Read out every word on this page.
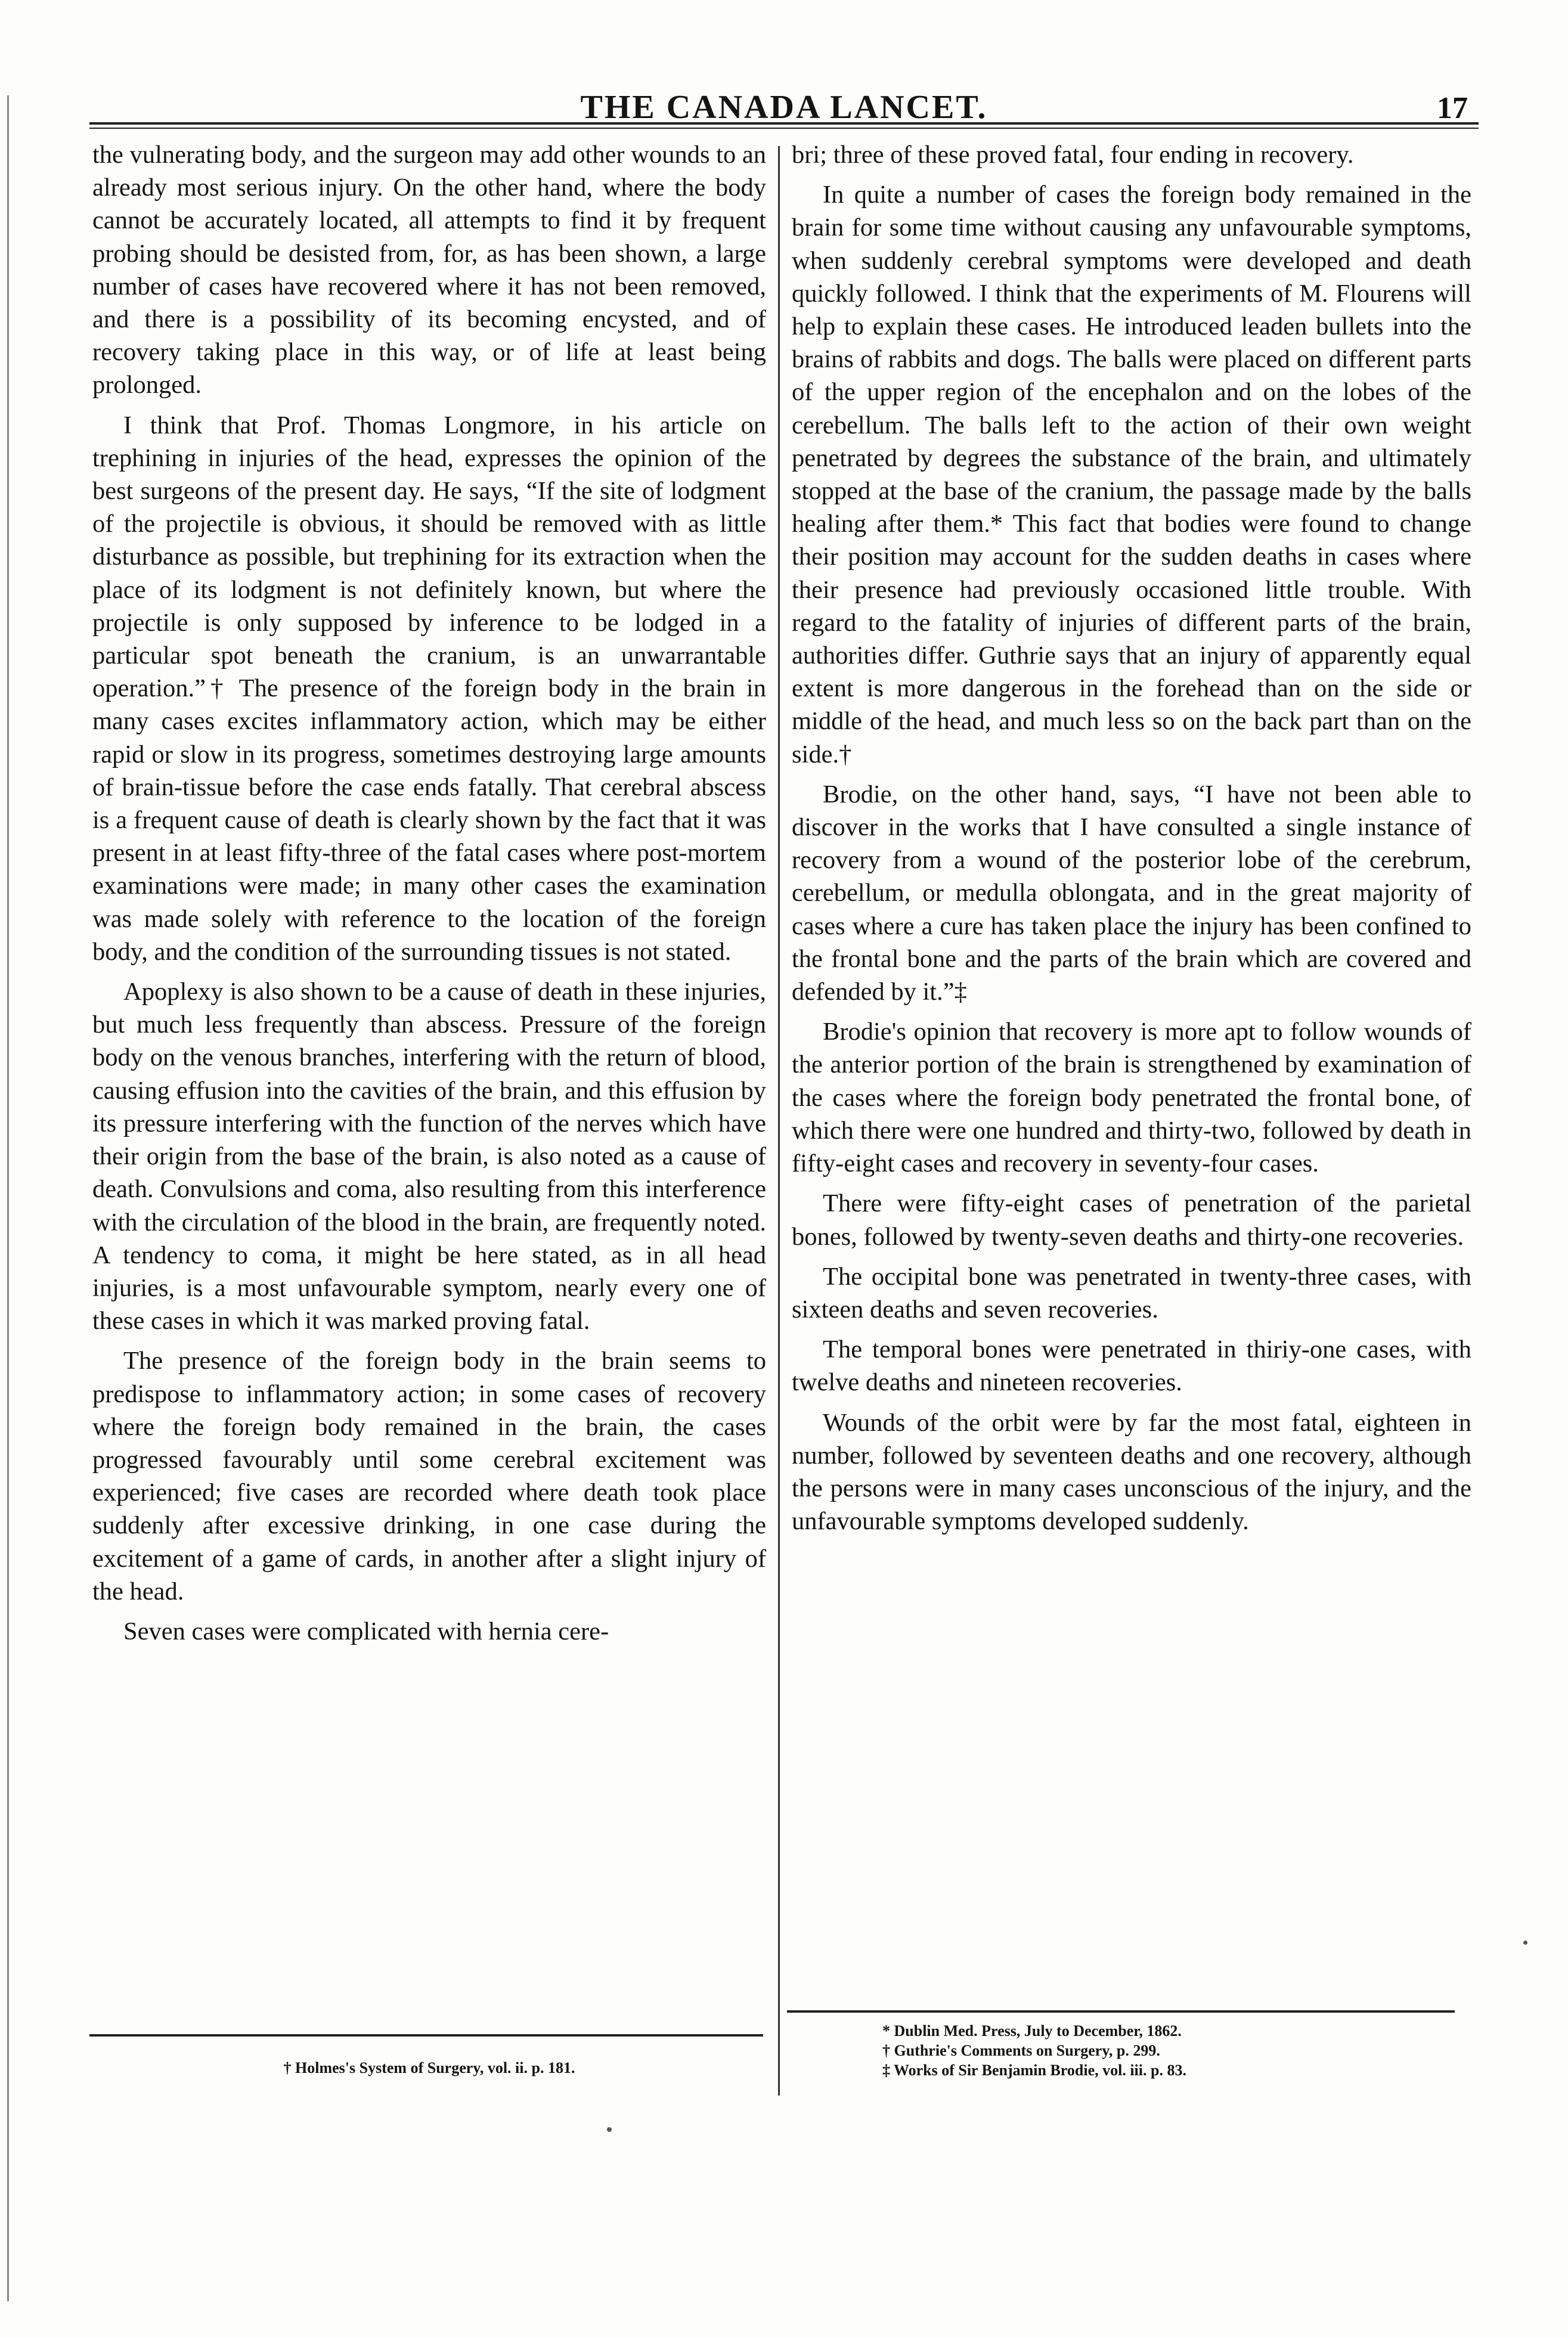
THE CANADA LANCET.	17

the vulnerating body, and the surgeon may add other wounds to an already most serious injury. On the other hand, where the body cannot be accurately located, all attempts to find it by frequent probing should be desisted from, for, as has been shown, a large number of cases have recovered where it has not been removed, and there is a possibility of its becoming encysted, and of recovery taking place in this way, or of life at least being prolonged.

I think that Prof. Thomas Longmore, in his article on trephining in injuries of the head, expresses the opinion of the best surgeons of the present day. He says, “If the site of lodgment of the projectile is obvious, it should be removed with as little disturbance as possible, but trephining for its extraction when the place of its lodgment is not definitely known, but where the projectile is only supposed by inference to be lodged in a particular spot beneath the cranium, is an unwarrantable operation.”† The presence of the foreign body in the brain in many cases excites inflammatory action, which may be either rapid or slow in its progress, sometimes destroying large amounts of brain-tissue before the case ends fatally. That cerebral abscess is a frequent cause of death is clearly shown by the fact that it was present in at least fifty-three of the fatal cases where post-mortem examinations were made; in many other cases the examination was made solely with reference to the location of the foreign body, and the condition of the surrounding tissues is not stated.

Apoplexy is also shown to be a cause of death in these injuries, but much less frequently than abscess. Pressure of the foreign body on the venous branches, interfering with the return of blood, causing effusion into the cavities of the brain, and this effusion by its pressure interfering with the function of the nerves which have their origin from the base of the brain, is also noted as a cause of death. Convulsions and coma, also resulting from this interference with the circulation of the blood in the brain, are frequently noted. A tendency to coma, it might be here stated, as in all head injuries, is a most unfavourable symptom, nearly every one of these cases in which it was marked proving fatal.

The presence of the foreign body in the brain seems to predispose to inflammatory action; in some cases of recovery where the foreign body remained in the brain, the cases progressed favourably until some cerebral excitement was experienced; five cases are recorded where death took place suddenly after excessive drinking, in one case during the excitement of a game of cards, in another after a slight injury of the head.

Seven cases were complicated with hernia cere-

bri; three of these proved fatal, four ending in recovery.

In quite a number of cases the foreign body remained in the brain for some time without causing any unfavourable symptoms, when suddenly cerebral symptoms were developed and death quickly followed. I think that the experiments of M. Flourens will help to explain these cases. He introduced leaden bullets into the brains of rabbits and dogs. The balls were placed on different parts of the upper region of the encephalon and on the lobes of the cerebellum. The balls left to the action of their own weight penetrated by degrees the substance of the brain, and ultimately stopped at the base of the cranium, the passage made by the balls healing after them.* This fact that bodies were found to change their position may account for the sudden deaths in cases where their presence had previously occasioned little trouble. With regard to the fatality of injuries of different parts of the brain, authorities differ. Guthrie says that an injury of apparently equal extent is more dangerous in the forehead than on the side or middle of the head, and much less so on the back part than on the side.†

Brodie, on the other hand, says, “I have not been able to discover in the works that I have consulted a single instance of recovery from a wound of the posterior lobe of the cerebrum, cerebellum, or medulla oblongata, and in the great majority of cases where a cure has taken place the injury has been confined to the frontal bone and the parts of the brain which are covered and defended by it.”‡

Brodie's opinion that recovery is more apt to follow wounds of the anterior portion of the brain is strengthened by examination of the cases where the foreign body penetrated the frontal bone, of which there were one hundred and thirty-two, followed by death in fifty-eight cases and recovery in seventy-four cases.

There were fifty-eight cases of penetration of the parietal bones, followed by twenty-seven deaths and thirty-one recoveries.

The occipital bone was penetrated in twenty-three cases, with sixteen deaths and seven recoveries.

The temporal bones were penetrated in thiriy-one cases, with twelve deaths and nineteen recoveries.

Wounds of the orbit were by far the most fatal, eighteen in number, followed by seventeen deaths and one recovery, although the persons were in many cases unconscious of the injury, and the unfavourable symptoms developed suddenly.

† Holmes's System of Surgery, vol. ii. p. 181.
* Dublin Med. Press, July to December, 1862.
† Guthrie's Comments on Surgery, p. 299.
‡ Works of Sir Benjamin Brodie, vol. iii. p. 83.
